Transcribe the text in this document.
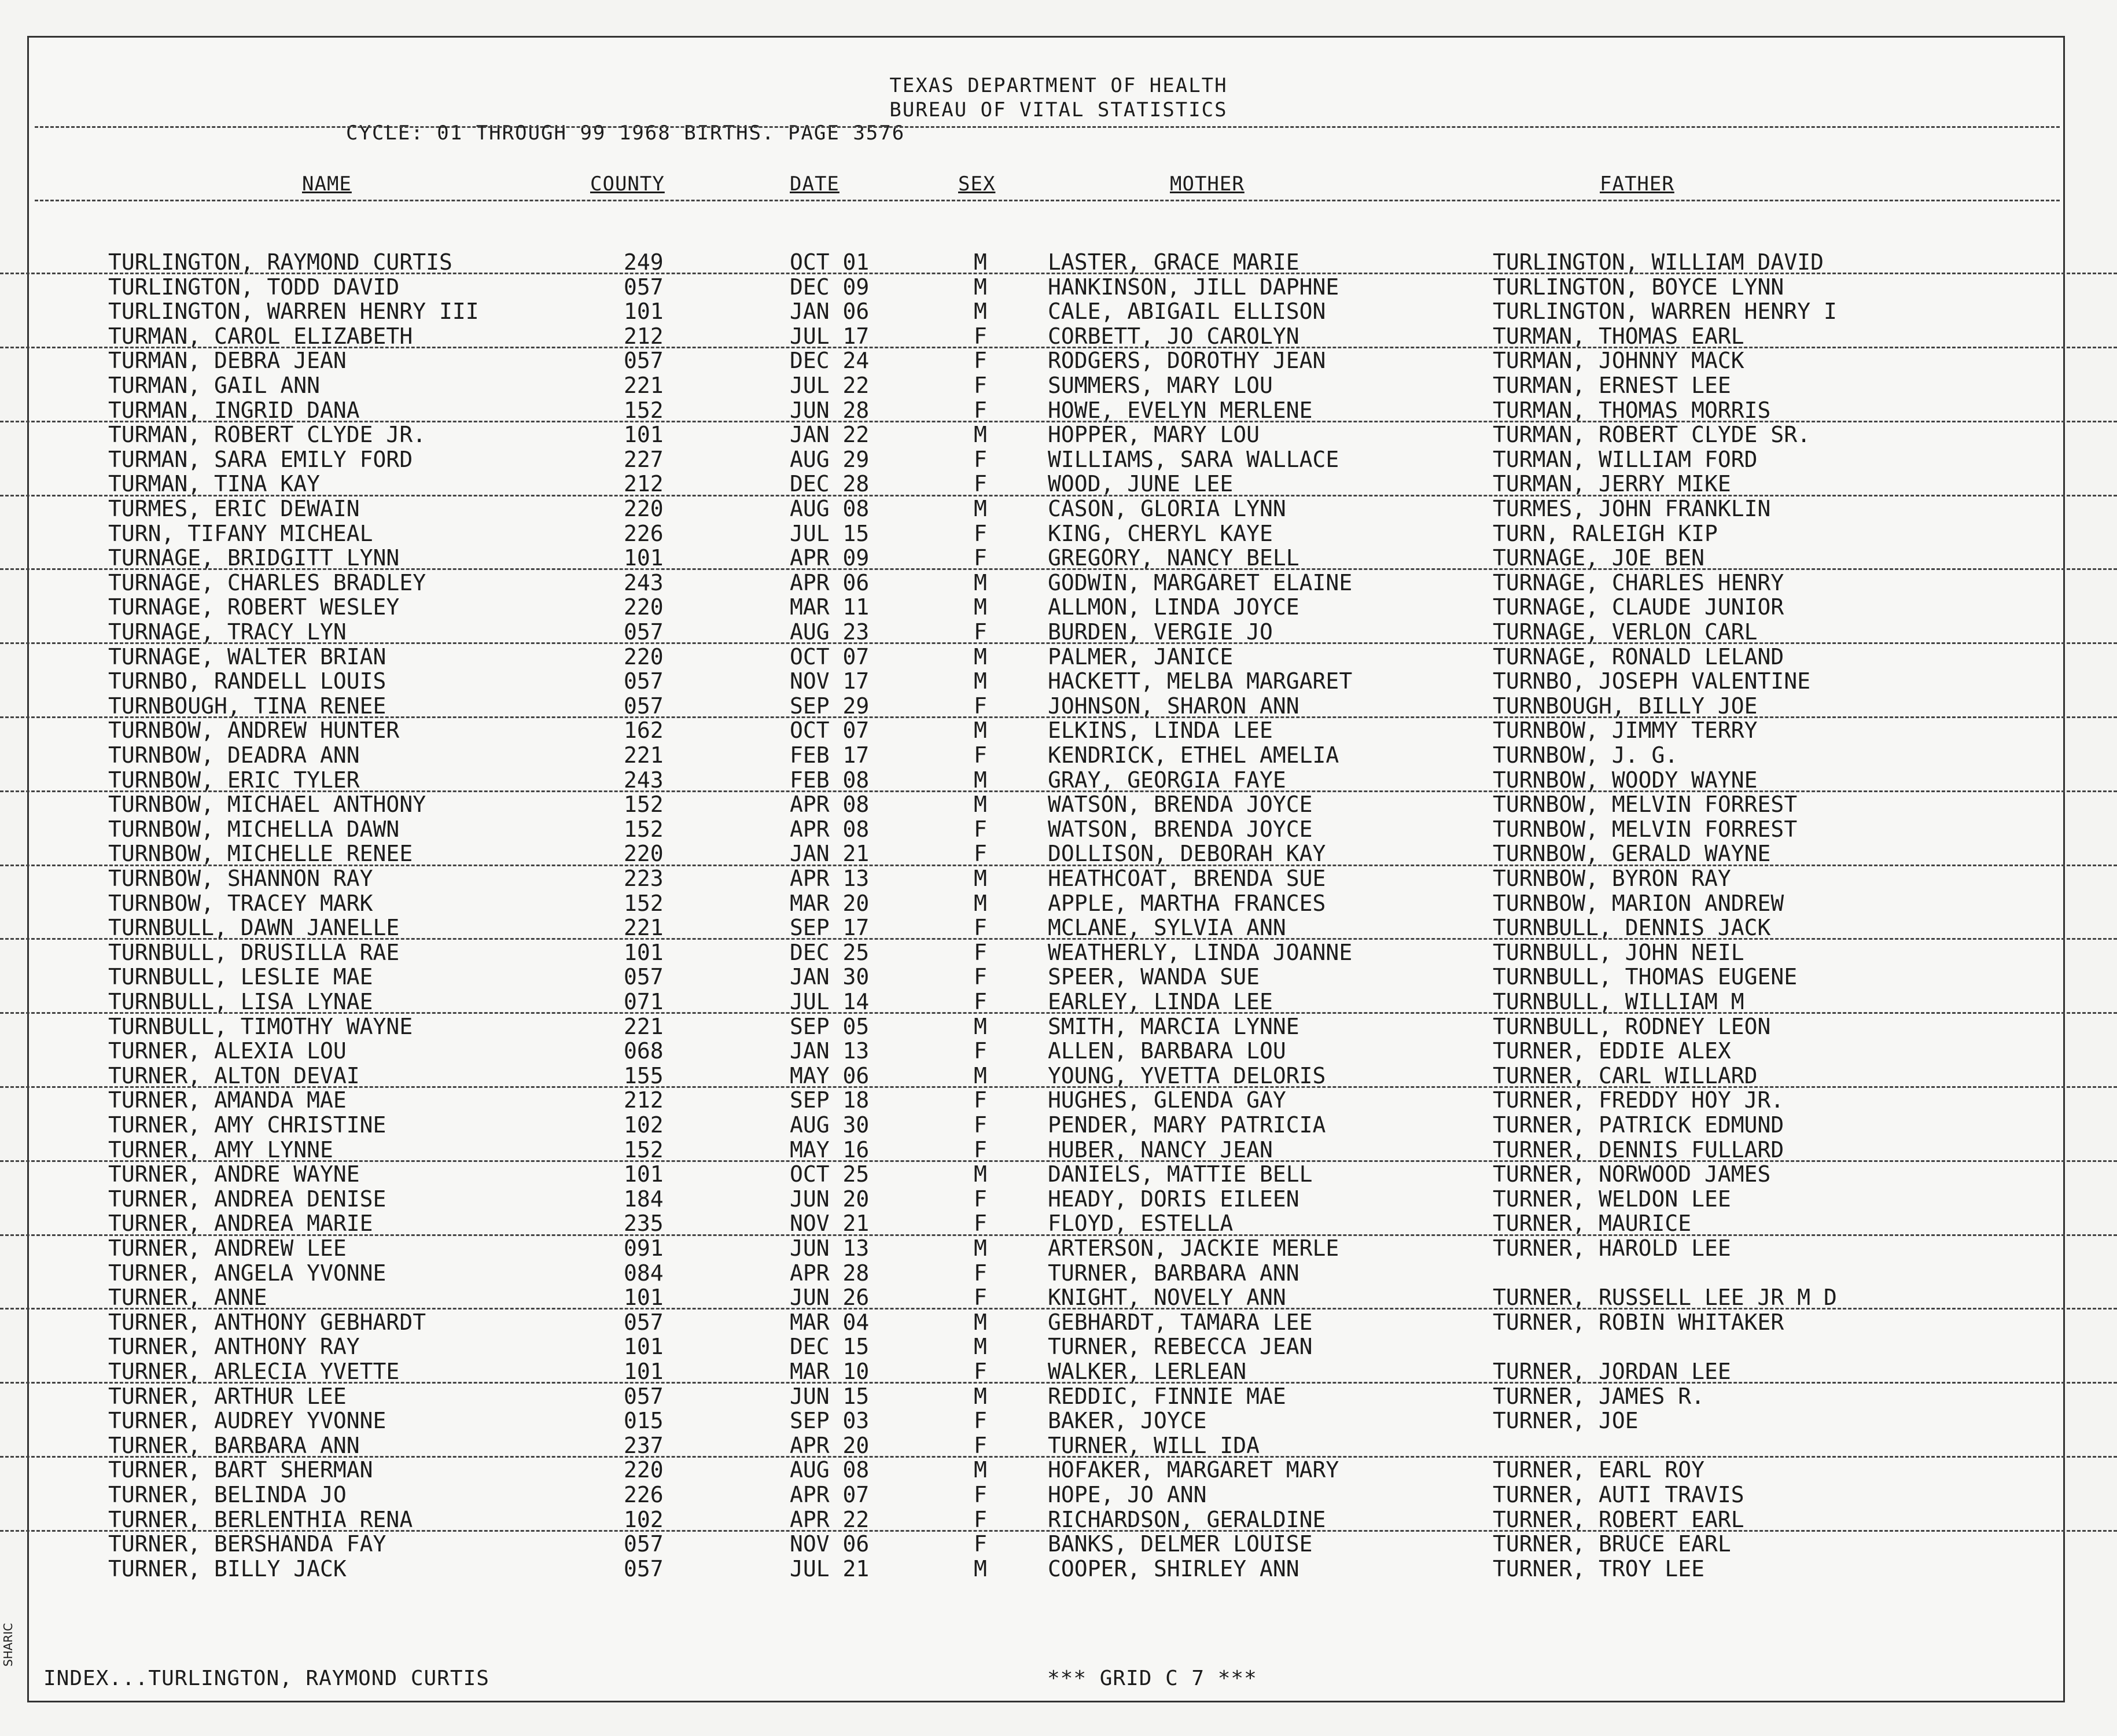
TEXAS DEPARTMENT OF HEALTH
BUREAU OF VITAL STATISTICS
CYCLE: 01 THROUGH 99 1968 BIRTHS. PAGE 3576
NAME	COUNTY	DATE	SEX	MOTHER	FATHER
TURLINGTON, RAYMOND CURTIS	249	OCT 01	M	LASTER, GRACE MARIE	TURLINGTON, WILLIAM DAVID
TURLINGTON, TODD DAVID	057	DEC 09	M	HANKINSON, JILL DAPHNE	TURLINGTON, BOYCE LYNN
TURLINGTON, WARREN HENRY III	101	JAN 06	M	CALE, ABIGAIL ELLISON	TURLINGTON, WARREN HENRY I
TURMAN, CAROL ELIZABETH	212	JUL 17	F	CORBETT, JO CAROLYN	TURMAN, THOMAS EARL
TURMAN, DEBRA JEAN	057	DEC 24	F	RODGERS, DOROTHY JEAN	TURMAN, JOHNNY MACK
TURMAN, GAIL ANN	221	JUL 22	F	SUMMERS, MARY LOU	TURMAN, ERNEST LEE
TURMAN, INGRID DANA	152	JUN 28	F	HOWE, EVELYN MERLENE	TURMAN, THOMAS MORRIS
TURMAN, ROBERT CLYDE JR.	101	JAN 22	M	HOPPER, MARY LOU	TURMAN, ROBERT CLYDE SR.
TURMAN, SARA EMILY FORD	227	AUG 29	F	WILLIAMS, SARA WALLACE	TURMAN, WILLIAM FORD
TURMAN, TINA KAY	212	DEC 28	F	WOOD, JUNE LEE	TURMAN, JERRY MIKE
TURMES, ERIC DEWAIN	220	AUG 08	M	CASON, GLORIA LYNN	TURMES, JOHN FRANKLIN
TURN, TIFANY MICHEAL	226	JUL 15	F	KING, CHERYL KAYE	TURN, RALEIGH KIP
TURNAGE, BRIDGITT LYNN	101	APR 09	F	GREGORY, NANCY BELL	TURNAGE, JOE BEN
TURNAGE, CHARLES BRADLEY	243	APR 06	M	GODWIN, MARGARET ELAINE	TURNAGE, CHARLES HENRY
TURNAGE, ROBERT WESLEY	220	MAR 11	M	ALLMON, LINDA JOYCE	TURNAGE, CLAUDE JUNIOR
TURNAGE, TRACY LYN	057	AUG 23	F	BURDEN, VERGIE JO	TURNAGE, VERLON CARL
TURNAGE, WALTER BRIAN	220	OCT 07	M	PALMER, JANICE	TURNAGE, RONALD LELAND
TURNBO, RANDELL LOUIS	057	NOV 17	M	HACKETT, MELBA MARGARET	TURNBO, JOSEPH VALENTINE
TURNBOUGH, TINA RENEE	057	SEP 29	F	JOHNSON, SHARON ANN	TURNBOUGH, BILLY JOE
TURNBOW, ANDREW HUNTER	162	OCT 07	M	ELKINS, LINDA LEE	TURNBOW, JIMMY TERRY
TURNBOW, DEADRA ANN	221	FEB 17	F	KENDRICK, ETHEL AMELIA	TURNBOW, J. G.
TURNBOW, ERIC TYLER	243	FEB 08	M	GRAY, GEORGIA FAYE	TURNBOW, WOODY WAYNE
TURNBOW, MICHAEL ANTHONY	152	APR 08	M	WATSON, BRENDA JOYCE	TURNBOW, MELVIN FORREST
TURNBOW, MICHELLA DAWN	152	APR 08	F	WATSON, BRENDA JOYCE	TURNBOW, MELVIN FORREST
TURNBOW, MICHELLE RENEE	220	JAN 21	F	DOLLISON, DEBORAH KAY	TURNBOW, GERALD WAYNE
TURNBOW, SHANNON RAY	223	APR 13	M	HEATHCOAT, BRENDA SUE	TURNBOW, BYRON RAY
TURNBOW, TRACEY MARK	152	MAR 20	M	APPLE, MARTHA FRANCES	TURNBOW, MARION ANDREW
TURNBULL, DAWN JANELLE	221	SEP 17	F	MCLANE, SYLVIA ANN	TURNBULL, DENNIS JACK
TURNBULL, DRUSILLA RAE	101	DEC 25	F	WEATHERLY, LINDA JOANNE	TURNBULL, JOHN NEIL
TURNBULL, LESLIE MAE	057	JAN 30	F	SPEER, WANDA SUE	TURNBULL, THOMAS EUGENE
TURNBULL, LISA LYNAE	071	JUL 14	F	EARLEY, LINDA LEE	TURNBULL, WILLIAM M
TURNBULL, TIMOTHY WAYNE	221	SEP 05	M	SMITH, MARCIA LYNNE	TURNBULL, RODNEY LEON
TURNER, ALEXIA LOU	068	JAN 13	F	ALLEN, BARBARA LOU	TURNER, EDDIE ALEX
TURNER, ALTON DEVAI	155	MAY 06	M	YOUNG, YVETTA DELORIS	TURNER, CARL WILLARD
TURNER, AMANDA MAE	212	SEP 18	F	HUGHES, GLENDA GAY	TURNER, FREDDY HOY JR.
TURNER, AMY CHRISTINE	102	AUG 30	F	PENDER, MARY PATRICIA	TURNER, PATRICK EDMUND
TURNER, AMY LYNNE	152	MAY 16	F	HUBER, NANCY JEAN	TURNER, DENNIS FULLARD
TURNER, ANDRE WAYNE	101	OCT 25	M	DANIELS, MATTIE BELL	TURNER, NORWOOD JAMES
TURNER, ANDREA DENISE	184	JUN 20	F	HEADY, DORIS EILEEN	TURNER, WELDON LEE
TURNER, ANDREA MARIE	235	NOV 21	F	FLOYD, ESTELLA	TURNER, MAURICE
TURNER, ANDREW LEE	091	JUN 13	M	ARTERSON, JACKIE MERLE	TURNER, HAROLD LEE
TURNER, ANGELA YVONNE	084	APR 28	F	TURNER, BARBARA ANN
TURNER, ANNE	101	JUN 26	F	KNIGHT, NOVELY ANN	TURNER, RUSSELL LEE JR M D
TURNER, ANTHONY GEBHARDT	057	MAR 04	M	GEBHARDT, TAMARA LEE	TURNER, ROBIN WHITAKER
TURNER, ANTHONY RAY	101	DEC 15	M	TURNER, REBECCA JEAN
TURNER, ARLECIA YVETTE	101	MAR 10	F	WALKER, LERLEAN	TURNER, JORDAN LEE
TURNER, ARTHUR LEE	057	JUN 15	M	REDDIC, FINNIE MAE	TURNER, JAMES R.
TURNER, AUDREY YVONNE	015	SEP 03	F	BAKER, JOYCE	TURNER, JOE
TURNER, BARBARA ANN	237	APR 20	F	TURNER, WILL IDA
TURNER, BART SHERMAN	220	AUG 08	M	HOFAKER, MARGARET MARY	TURNER, EARL ROY
TURNER, BELINDA JO	226	APR 07	F	HOPE, JO ANN	TURNER, AUTI TRAVIS
TURNER, BERLENTHIA RENA	102	APR 22	F	RICHARDSON, GERALDINE	TURNER, ROBERT EARL
TURNER, BERSHANDA FAY	057	NOV 06	F	BANKS, DELMER LOUISE	TURNER, BRUCE EARL
TURNER, BILLY JACK	057	JUL 21	M	COOPER, SHIRLEY ANN	TURNER, TROY LEE
INDEX...TURLINGTON, RAYMOND CURTIS	*** GRID C 7 ***
SHARIC
